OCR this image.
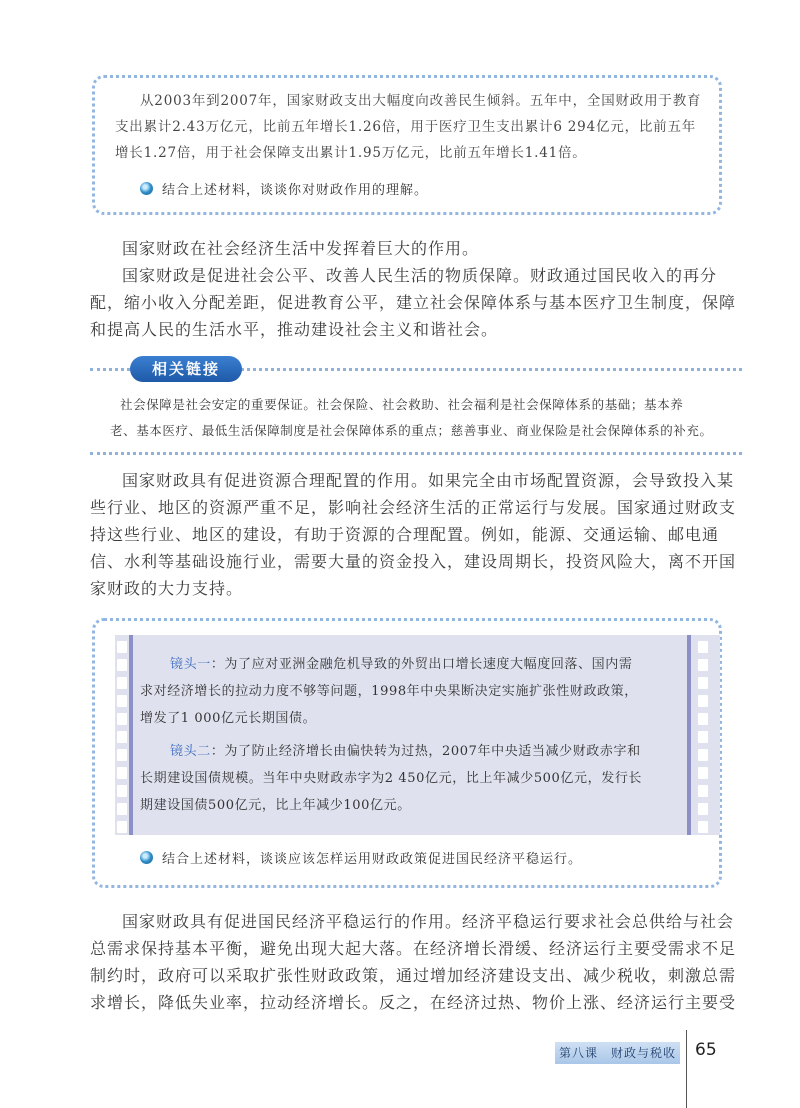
从2003年到2007年，国家财政支出大幅度向改善民生倾斜。五年中，全国财政用于教育

支出累计2.43万亿元，比前五年增长1.26倍，用于医疗卫生支出累计6 294亿元，比前五年

增长1.27倍，用于社会保障支出累计1.95万亿元，比前五年增长1.41倍。

结合上述材料，谈谈你对财政作用的理解。

国家财政在社会经济生活中发挥着巨大的作用。

国家财政是促进社会公平、改善人民生活的物质保障。财政通过国民收入的再分配，缩小收入分配差距，促进教育公平，建立社会保障体系与基本医疗卫生制度，保障和提高人民的生活水平，推动建设社会主义和谐社会。

相关链接

社会保障是社会安定的重要保证。社会保险、社会救助、社会福利是社会保障体系的基础；基本养

老、基本医疗、最低生活保障制度是社会保障体系的重点；慈善事业、商业保险是社会保障体系的补充。

国家财政具有促进资源合理配置的作用。如果完全由市场配置资源，会导致投入某些行业、地区的资源严重不足，影响社会经济生活的正常运行与发展。国家通过财政支持这些行业、地区的建设，有助于资源的合理配置。例如，能源、交通运输、邮电通信、水利等基础设施行业，需要大量的资金投入，建设周期长，投资风险大，离不开国家财政的大力支持。

镜头一：为了应对亚洲金融危机导致的外贸出口增长速度大幅度回落、国内需

求对经济增长的拉动力度不够等问题，1998年中央果断决定实施扩张性财政政策，

增发了1 000亿元长期国债。

镜头二：为了防止经济增长由偏快转为过热，2007年中央适当减少财政赤字和

长期建设国债规模。当年中央财政赤字为2 450亿元，比上年减少500亿元，发行长

期建设国债500亿元，比上年减少100亿元。

结合上述材料，谈谈应该怎样运用财政政策促进国民经济平稳运行。

国家财政具有促进国民经济平稳运行的作用。经济平稳运行要求社会总供给与社会总需求保持基本平衡，避免出现大起大落。在经济增长滑缓、经济运行主要受需求不足制约时，政府可以采取扩张性财政政策，通过增加经济建设支出、减少税收，刺激总需求增长，降低失业率，拉动经济增长。反之，在经济过热、物价上涨、经济运行主要受

第八课　财政与税收 65
